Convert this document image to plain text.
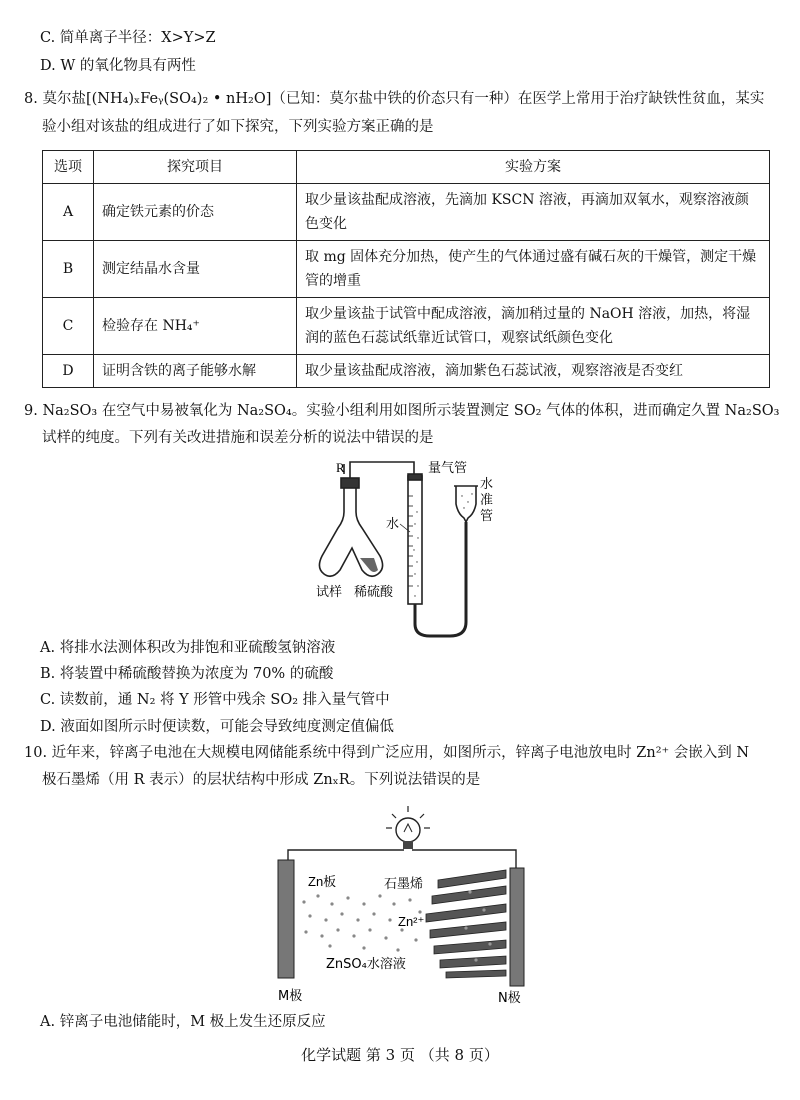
C. 简单离子半径：X>Y>Z
D. W 的氧化物具有两性
8. 莫尔盐[(NH₄)ₓFeᵧ(SO₄)₂ • nH₂O]（已知：莫尔盐中铁的价态只有一种）在医学上常用于治疗缺铁性贫血，某实
验小组对该盐的组成进行了如下探究，下列实验方案正确的是
选项	探究项目	实验方案
A	确定铁元素的价态	取少量该盐配成溶液，先滴加 KSCN 溶液，再滴加双氧水，观察溶液颜色变化
B	测定结晶水含量	取 mg 固体充分加热，使产生的气体通过盛有碱石灰的干燥管，测定干燥管的增重
C	检验存在 NH₄⁺	取少量该盐于试管中配成溶液，滴加稍过量的 NaOH 溶液，加热，将湿润的蓝色石蕊试纸靠近试管口，观察试纸颜色变化
D	证明含铁的离子能够水解	取少量该盐配成溶液，滴加紫色石蕊试液，观察溶液是否变红
9. Na₂SO₃ 在空气中易被氧化为 Na₂SO₄。实验小组利用如图所示装置测定 SO₂ 气体的体积，进而确定久置 Na₂SO₃
试样的纯度。下列有关改进措施和误差分析的说法中错误的是
R	量气管
水
准
管
水
试样 稀硫酸
A. 将排水法测体积改为排饱和亚硫酸氢钠溶液
B. 将装置中稀硫酸替换为浓度为 70% 的硫酸
C. 读数前，通 N₂ 将 Y 形管中残余 SO₂ 排入量气管中
D. 液面如图所示时便读数，可能会导致纯度测定值偏低
10. 近年来，锌离子电池在大规模电网储能系统中得到广泛应用，如图所示，锌离子电池放电时 Zn²⁺ 会嵌入到 N
极石墨烯（用 R 表示）的层状结构中形成 ZnₓR。下列说法错误的是
Zn板	石墨烯
Zn²⁺
ZnSO₄水溶液
M极	N极
A. 锌离子电池储能时，M 极上发生还原反应
化学试题 第 3 页 （共 8 页）
